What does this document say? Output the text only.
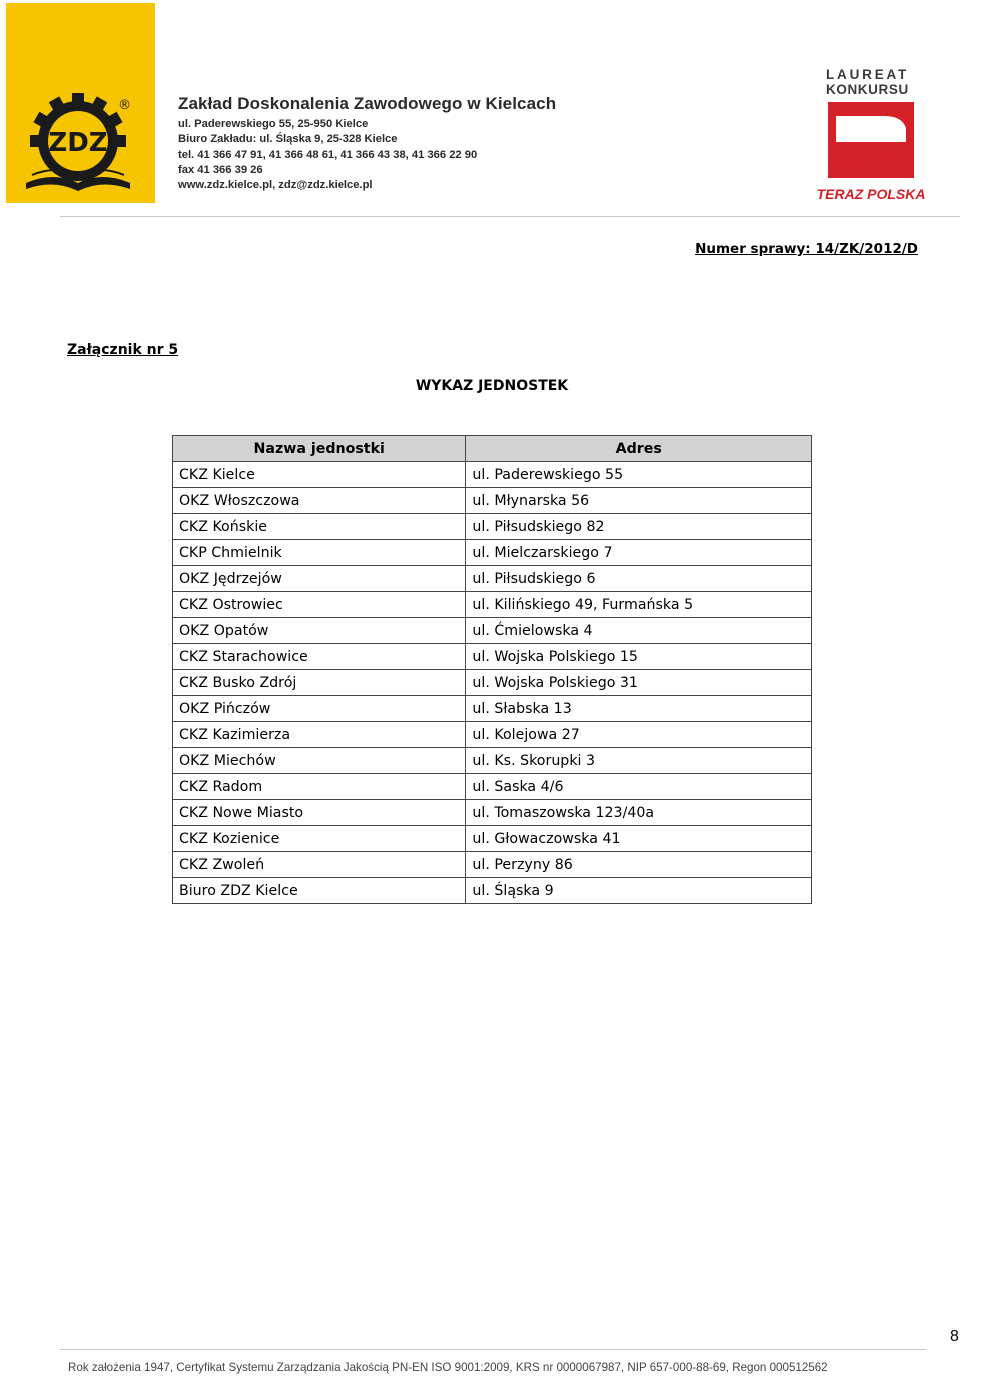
ZDZ
®	Zakład Doskonalenia Zawodowego w Kielcach
ul. Paderewskiego 55, 25-950 Kielce
Biuro Zakładu: ul. Śląska 9, 25-328 Kielce
tel. 41 366 47 91, 41 366 48 61, 41 366 43 38, 41 366 22 90
fax 41 366 39 26
www.zdz.kielce.pl, zdz@zdz.kielce.pl
LAUREAT
KONKURSU
TERAZ POLSKA
Numer sprawy: 14/ZK/2012/D
Załącznik nr 5
WYKAZ JEDNOSTEK
Nazwa jednostki	Adres
CKZ Kielce	ul. Paderewskiego 55
OKZ Włoszczowa	ul. Młynarska 56
CKZ Końskie	ul. Piłsudskiego 82
CKP Chmielnik	ul. Mielczarskiego 7
OKZ Jędrzejów	ul. Piłsudskiego 6
CKZ Ostrowiec	ul. Kilińskiego 49, Furmańska 5
OKZ Opatów	ul. Ćmielowska 4
CKZ Starachowice	ul. Wojska Polskiego 15
CKZ Busko Zdrój	ul. Wojska Polskiego 31
OKZ Pińczów	ul. Słabska 13
CKZ Kazimierza	ul. Kolejowa 27
OKZ Miechów	ul. Ks. Skorupki 3
CKZ Radom	ul. Saska 4/6
CKZ Nowe Miasto	ul. Tomaszowska 123/40a
CKZ Kozienice	ul. Głowaczowska 41
CKZ Zwoleń	ul. Perzyny 86
Biuro ZDZ Kielce	ul. Śląska 9
8
Rok założenia 1947, Certyfikat Systemu Zarządzania Jakością PN-EN ISO 9001:2009, KRS nr 0000067987, NIP 657-000-88-69, Regon 000512562
